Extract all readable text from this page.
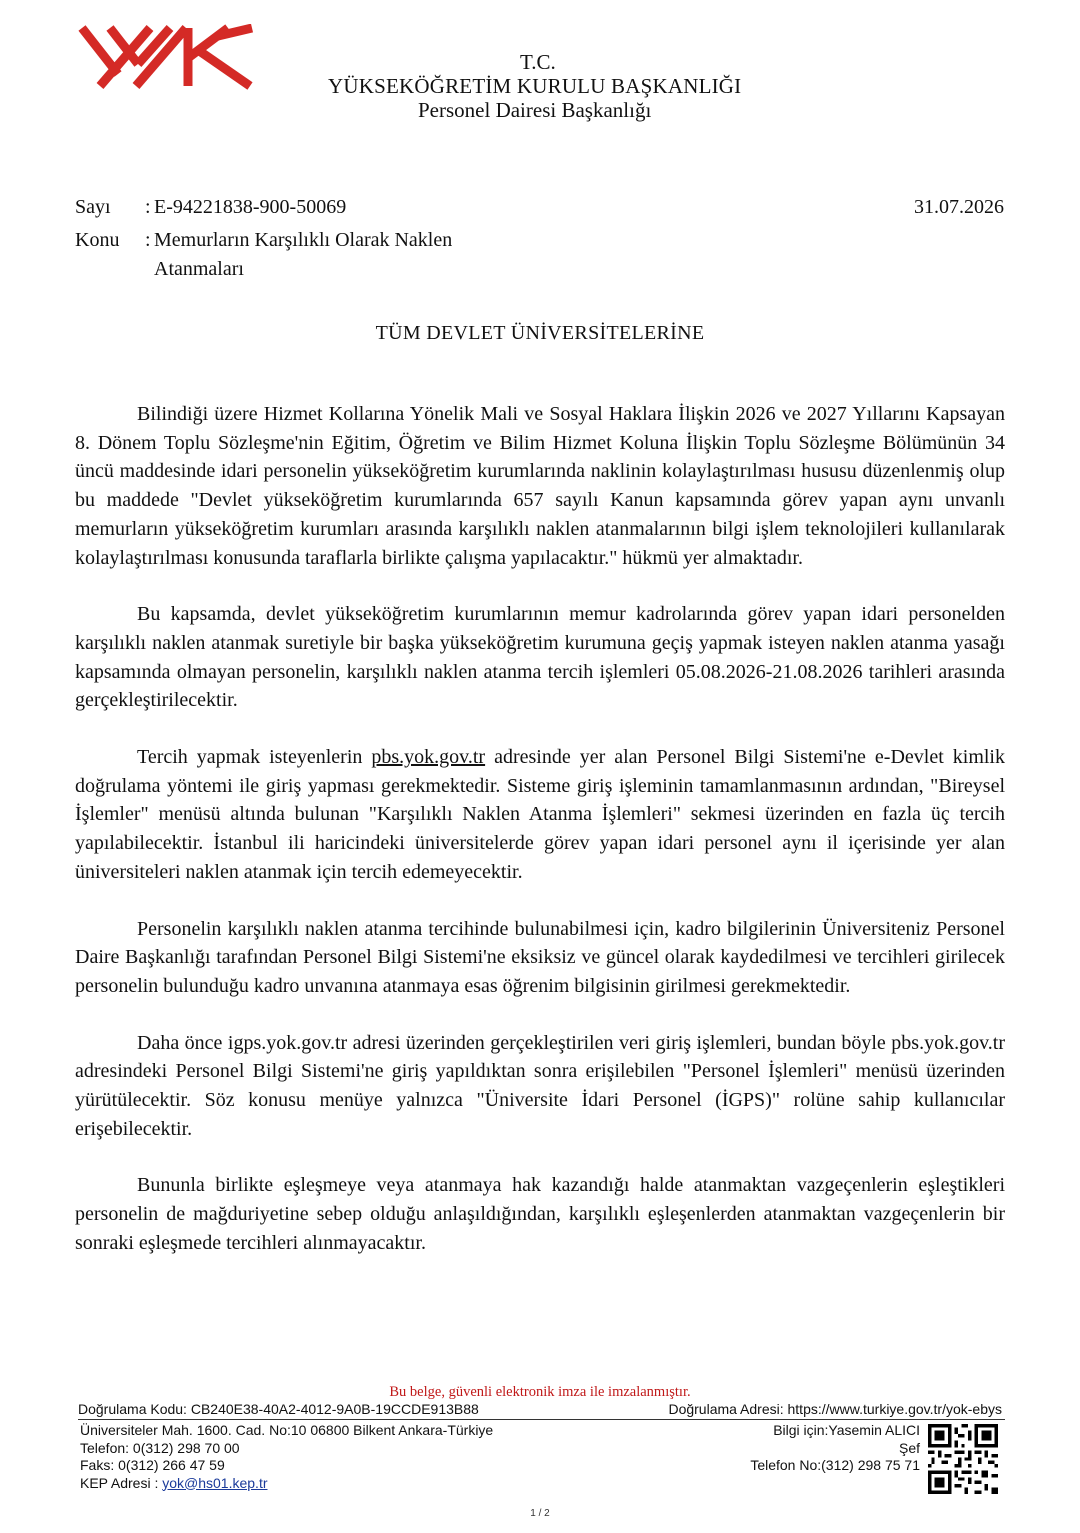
T.C.
YÜKSEKÖĞRETİM KURULU BAŞKANLIĞI
Personel Dairesi Başkanlığı
Sayı : E-94221838-900-50069	31.07.2026
Konu : Memurların Karşılıklı Olarak Naklen
Atanmaları
TÜM DEVLET ÜNİVERSİTELERİNE

Bilindiği üzere Hizmet Kollarına Yönelik Mali ve Sosyal Haklara İlişkin 2026 ve 2027 Yıllarını Kapsayan 8. Dönem Toplu Sözleşme'nin Eğitim, Öğretim ve Bilim Hizmet Koluna İlişkin Toplu Sözleşme Bölümünün 34 üncü maddesinde idari personelin yükseköğretim kurumlarında naklinin kolaylaştırılması hususu düzenlenmiş olup bu maddede "Devlet yükseköğretim kurumlarında 657 sayılı Kanun kapsamında görev yapan aynı unvanlı memurların yükseköğretim kurumları arasında karşılıklı naklen atanmalarının bilgi işlem teknolojileri kullanılarak kolaylaştırılması konusunda taraflarla birlikte çalışma yapılacaktır." hükmü yer almaktadır.

Bu kapsamda, devlet yükseköğretim kurumlarının memur kadrolarında görev yapan idari personelden karşılıklı naklen atanmak suretiyle bir başka yükseköğretim kurumuna geçiş yapmak isteyen naklen atanma yasağı kapsamında olmayan personelin, karşılıklı naklen atanma tercih işlemleri 05.08.2026-21.08.2026 tarihleri arasında gerçekleştirilecektir.

Tercih yapmak isteyenlerin pbs.yok.gov.tr adresinde yer alan Personel Bilgi Sistemi'ne e-Devlet kimlik doğrulama yöntemi ile giriş yapması gerekmektedir. Sisteme giriş işleminin tamamlanmasının ardından, "Bireysel İşlemler" menüsü altında bulunan "Karşılıklı Naklen Atanma İşlemleri" sekmesi üzerinden en fazla üç tercih yapılabilecektir. İstanbul ili haricindeki üniversitelerde görev yapan idari personel aynı il içerisinde yer alan üniversiteleri naklen atanmak için tercih edemeyecektir.

Personelin karşılıklı naklen atanma tercihinde bulunabilmesi için, kadro bilgilerinin Üniversiteniz Personel Daire Başkanlığı tarafından Personel Bilgi Sistemi'ne eksiksiz ve güncel olarak kaydedilmesi ve tercihleri girilecek personelin bulunduğu kadro unvanına atanmaya esas öğrenim bilgisinin girilmesi gerekmektedir.

Daha önce igps.yok.gov.tr adresi üzerinden gerçekleştirilen veri giriş işlemleri, bundan böyle pbs.yok.gov.tr adresindeki Personel Bilgi Sistemi'ne giriş yapıldıktan sonra erişilebilen "Personel İşlemleri" menüsü üzerinden yürütülecektir. Söz konusu menüye yalnızca "Üniversite İdari Personel (İGPS)" rolüne sahip kullanıcılar erişebilecektir.

Bununla birlikte eşleşmeye veya atanmaya hak kazandığı halde atanmaktan vazgeçenlerin eşleştikleri personelin de mağduriyetine sebep olduğu anlaşıldığından, karşılıklı eşleşenlerden atanmaktan vazgeçenlerin bir sonraki eşleşmede tercihleri alınmayacaktır.

Bu belge, güvenli elektronik imza ile imzalanmıştır.
Doğrulama Kodu: CB240E38-40A2-4012-9A0B-19CCDE913B88	Doğrulama Adresi: https://www.turkiye.gov.tr/yok-ebys
Üniversiteler Mah. 1600. Cad. No:10 06800 Bilkent Ankara-Türkiye
Telefon: 0(312) 298 70 00
Faks: 0(312) 266 47 59
KEP Adresi : yok@hs01.kep.tr
Bilgi için:Yasemin ALICI
Şef
Telefon No:(312) 298 75 71
1 / 2
